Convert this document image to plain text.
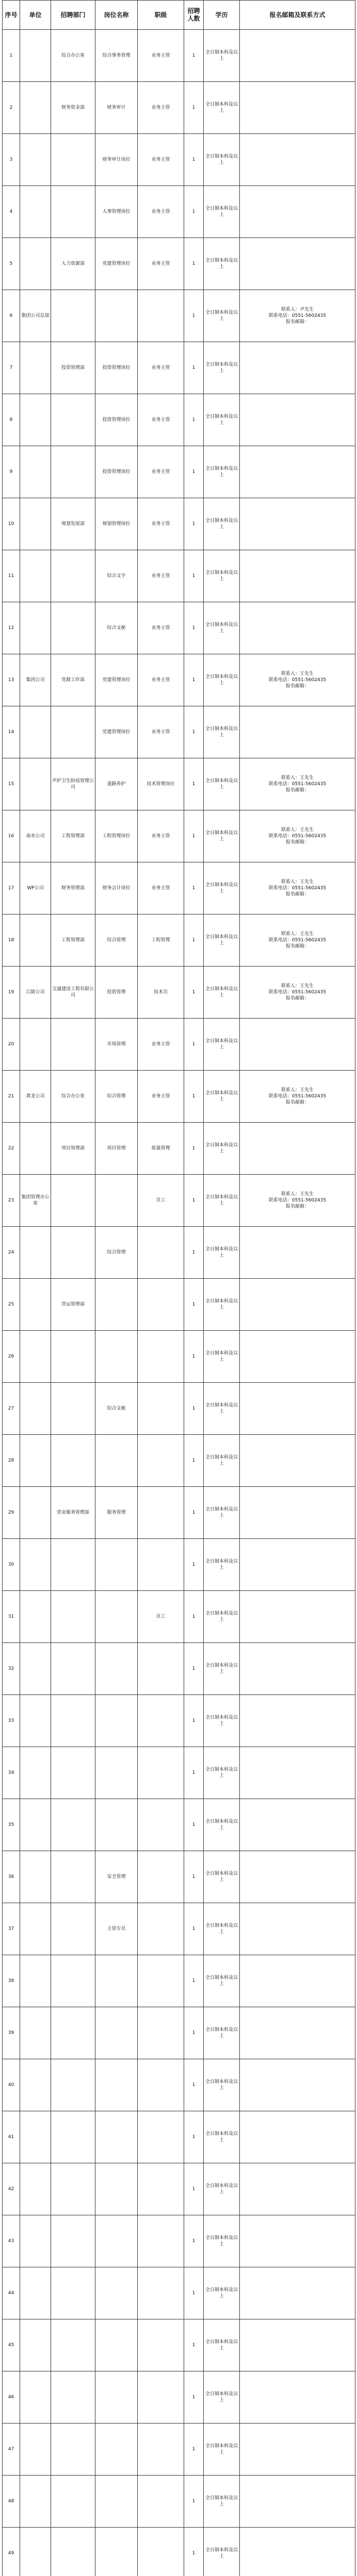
序号	单位	招聘部门	岗位名称	职级	招聘人数	学历	报名邮箱及联系方式
1		综合办公室	综合事务管理	业务主管	1	全日制本科及以上	
2		财务资金部	财务审计	业务主管	1	全日制本科及以上	
3			财务审计岗位	业务主管	1	全日制本科及以上	
4			人事管理岗位	业务主管	1	全日制本科及以上	
5		人力资源部	党建管理岗位	业务主管	1	全日制本科及以上	
6	集团公司总部				1	全日制本科及以上	联系人：尹先生
联系电话：0551-5602435
报名邮箱：

7		投资管理部	投资管理岗位	业务主管	1	全日制本科及以上	
8			投资管理岗位	业务主管	1	全日制本科及以上	
9			投资管理岗位	业务主管	1	全日制本科及以上	
10		规划发展部	规划管理岗位	业务主管	1	全日制本科及以上	
11			综合文字	业务主管	1	全日制本科及以上	
12			综合文秘	业务主管	1	全日制本科及以上	
13	集团公司	党群工作部	党建管理岗位	业务主管	1	全日制本科及以上	联系人：王先生
联系电话：0551-5602435
报名邮箱：

14			党建管理岗位	业务主管	1	全日制本科及以上	
15		声护卫生防疫管理公司	道路养护	技术管理岗位	1	全日制本科及以上	联系人：王先生
联系电话：0551-5602435
报名邮箱：

16	南水公司	工程管理部	工程管理岗位	业务主管	1	全日制本科及以上	联系人：王先生
联系电话：0551-5602435
报名邮箱：

17	WP公司	财务管理部	财务会计岗位	业务主管	1	全日制本科及以上	联系人：王先生
联系电话：0551-5602435
报名邮箱：

18		工程管理部	综合管理	工程管理	1	全日制本科及以上	联系人：王先生
联系电话：0551-5602435
报名邮箱：

19	江陵公司	交通建设工程有限公司	投资管理	技术员	1	全日制本科及以上	联系人：王先生
联系电话：0551-5602435
报名邮箱：

20			市场管理	业务主管	1	全日制本科及以上	
21	黄龙公司	综合办公室	综合管理	业务主管	1	全日制本科及以上	联系人：王先生
联系电话：0551-5602435
报名邮箱：

22		项目管理部	项目管理	质量管理	1	全日制本科及以上	
23	集团管理办公室			员工	1	全日制本科及以上	联系人：王先生
联系电话：0551-5602435
报名邮箱：

24			综合管理		1	全日制本科及以上	
25		营运管理部			1	全日制本科及以上	
26					1	全日制本科及以上	
27			综合文秘		1	全日制本科及以上	
28					1	全日制本科及以上	
29		营业服务管理部	服务管理		1	全日制本科及以上	
30					1	全日制本科及以上	
31				员工	1	全日制本科及以上	
32					1	全日制本科及以上	
33					1	全日制本科及以上	
34					1	全日制本科及以上	
35					1	全日制本科及以上	
36			安全管理		1	全日制本科及以上	
37			主管专员		1	全日制本科及以上	
38					1	全日制本科及以上	
39					1	全日制本科及以上	
40					1	全日制本科及以上	
41					1	全日制本科及以上	
42					1	全日制本科及以上	
43					1	全日制本科及以上	
44					1	全日制本科及以上	
45					1	全日制本科及以上	
46					1	全日制本科及以上	
47					1	全日制本科及以上	
48					1	全日制本科及以上	
49					1	全日制本科及以上	
